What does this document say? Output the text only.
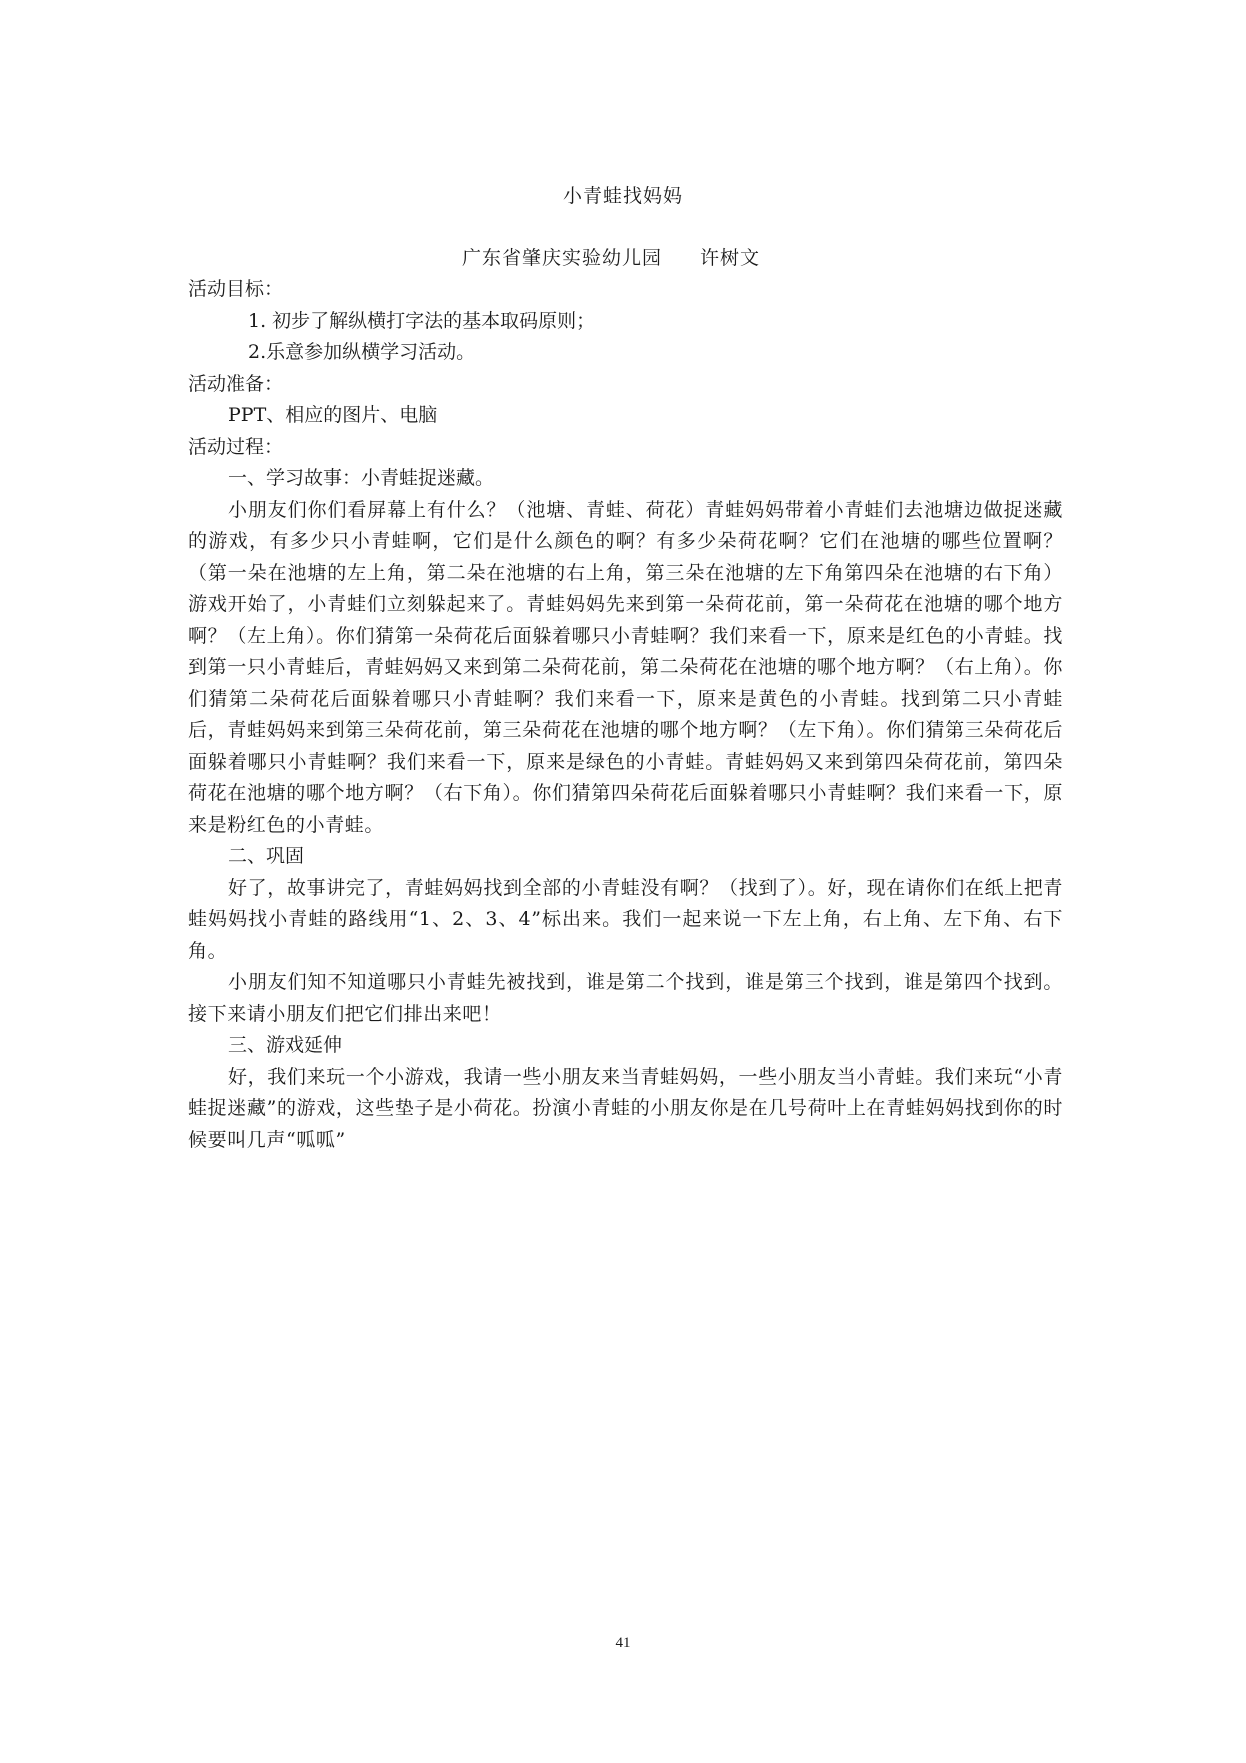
小青蛙找妈妈
广东省肇庆实验幼儿园 许树文
活动目标：
1. 初步了解纵横打字法的基本取码原则；
2.乐意参加纵横学习活动。
活动准备：
PPT、相应的图片、电脑
活动过程：
一、学习故事：小青蛙捉迷藏。

小朋友们你们看屏幕上有什么？（池塘、青蛙、荷花）青蛙妈妈带着小青蛙们去池塘边做捉迷藏的游戏，有多少只小青蛙啊，它们是什么颜色的啊？有多少朵荷花啊？它们在池塘的哪些位置啊？（第一朵在池塘的左上角，第二朵在池塘的右上角，第三朵在池塘的左下角第四朵在池塘的右下角）游戏开始了，小青蛙们立刻躲起来了。青蛙妈妈先来到第一朵荷花前，第一朵荷花在池塘的哪个地方啊？（左上角）。你们猜第一朵荷花后面躲着哪只小青蛙啊？我们来看一下，原来是红色的小青蛙。找到第一只小青蛙后，青蛙妈妈又来到第二朵荷花前，第二朵荷花在池塘的哪个地方啊？（右上角）。你们猜第二朵荷花后面躲着哪只小青蛙啊？我们来看一下，原来是黄色的小青蛙。找到第二只小青蛙后，青蛙妈妈来到第三朵荷花前，第三朵荷花在池塘的哪个地方啊？（左下角）。你们猜第三朵荷花后面躲着哪只小青蛙啊？我们来看一下，原来是绿色的小青蛙。青蛙妈妈又来到第四朵荷花前，第四朵荷花在池塘的哪个地方啊？（右下角）。你们猜第四朵荷花后面躲着哪只小青蛙啊？我们来看一下，原来是粉红色的小青蛙。

二、巩固

好了，故事讲完了，青蛙妈妈找到全部的小青蛙没有啊？（找到了）。好，现在请你们在纸上把青蛙妈妈找小青蛙的路线用“1、2、3、4”标出来。我们一起来说一下左上角，右上角、左下角、右下角。

小朋友们知不知道哪只小青蛙先被找到，谁是第二个找到，谁是第三个找到，谁是第四个找到。接下来请小朋友们把它们排出来吧！

三、游戏延伸

好，我们来玩一个小游戏，我请一些小朋友来当青蛙妈妈，一些小朋友当小青蛙。我们来玩“小青蛙捉迷藏”的游戏，这些垫子是小荷花。扮演小青蛙的小朋友你是在几号荷叶上在青蛙妈妈找到你的时候要叫几声“呱呱”

41
